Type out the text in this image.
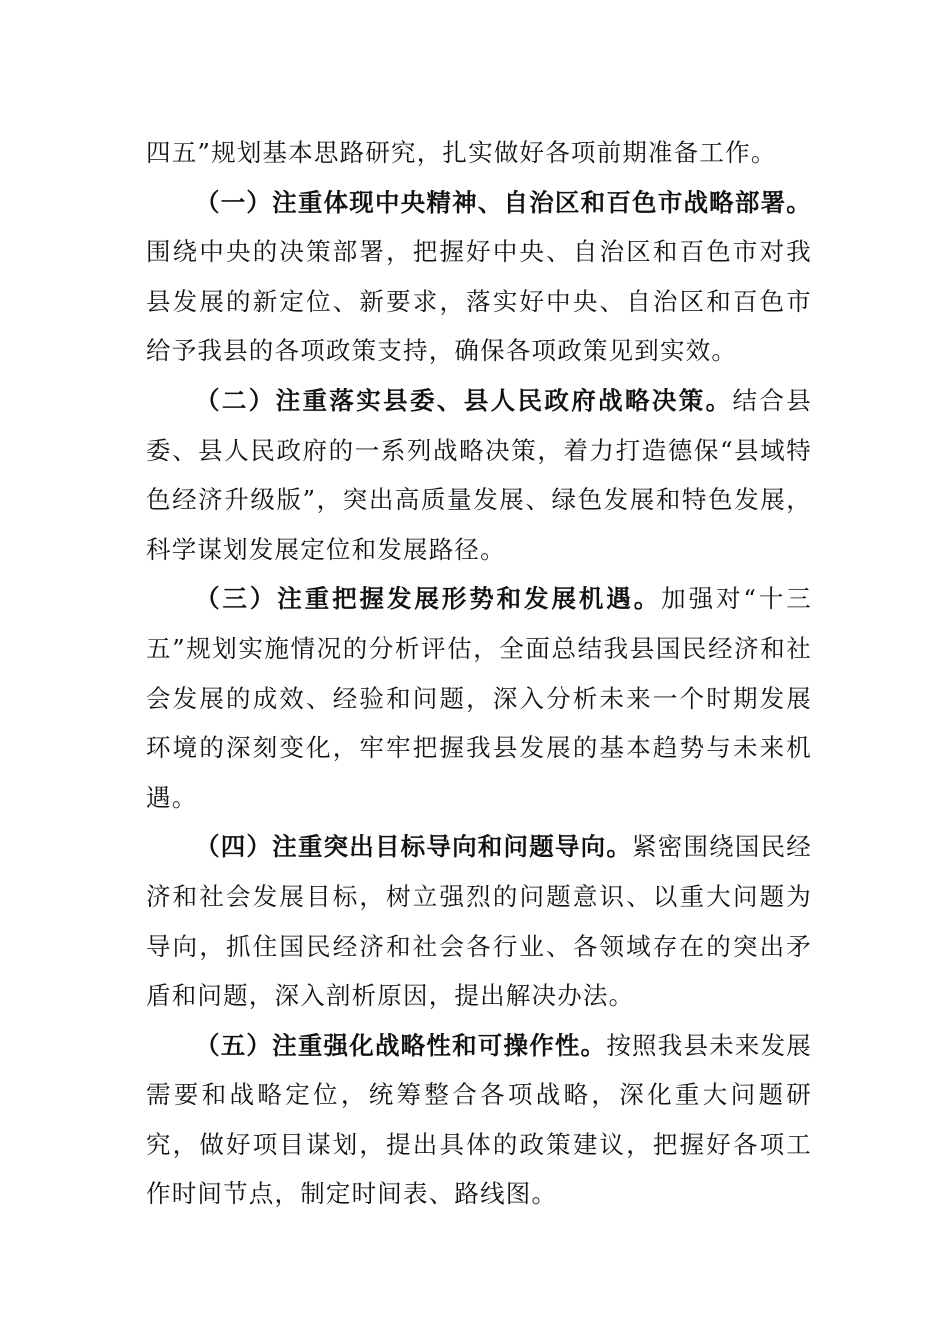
四五”规划基本思路研究，扎实做好各项前期准备工作。

（一）注重体现中央精神、自治区和百色市战略部署。围绕中央的决策部署，把握好中央、自治区和百色市对我县发展的新定位、新要求，落实好中央、自治区和百色市给予我县的各项政策支持，确保各项政策见到实效。

（二）注重落实县委、县人民政府战略决策。结合县委、县人民政府的一系列战略决策，着力打造德保“县域特色经济升级版”，突出高质量发展、绿色发展和特色发展，科学谋划发展定位和发展路径。

（三）注重把握发展形势和发展机遇。加强对“十三五”规划实施情况的分析评估，全面总结我县国民经济和社会发展的成效、经验和问题，深入分析未来一个时期发展环境的深刻变化，牢牢把握我县发展的基本趋势与未来机遇。

（四）注重突出目标导向和问题导向。紧密围绕国民经济和社会发展目标，树立强烈的问题意识、以重大问题为导向，抓住国民经济和社会各行业、各领域存在的突出矛盾和问题，深入剖析原因，提出解决办法。

（五）注重强化战略性和可操作性。按照我县未来发展需要和战略定位，统筹整合各项战略，深化重大问题研究，做好项目谋划，提出具体的政策建议，把握好各项工作时间节点，制定时间表、路线图。
